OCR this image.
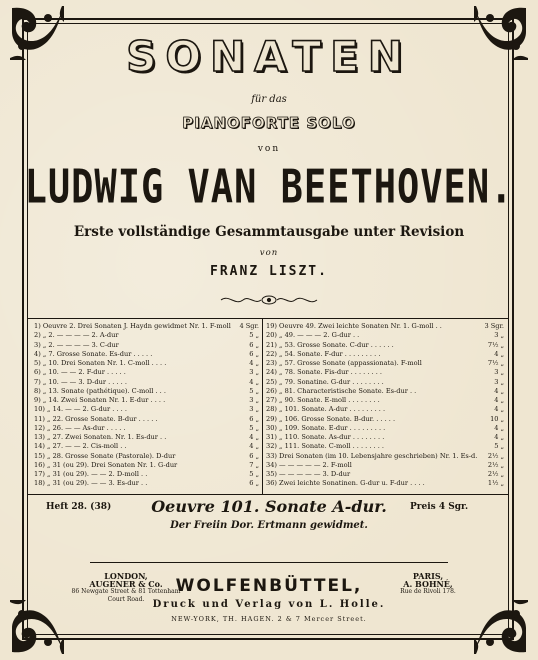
SONATEN
für das
PIANOFORTE SOLO
von
LUDWIG VAN BEETHOVEN.
Erste vollständige Gesammtausgabe unter Revision
von
FRANZ LISZT.
1) Oeuvre 2. Drei Sonaten J. Haydn gewidmet Nr. 1. F-moll	4 Sgr.
2) „ 2. — — — — 2. A-dur	5 „
3) „ 2. — — — — 3. C-dur	6 „
4) „ 7. Grosse Sonate. Es-dur . . . . .	6 „
5) „ 10. Drei Sonaten Nr. 1. C-moll . . . .	4 „
6) „ 10. — — 2. F-dur . . . . .	3 „
7) „ 10. — — 3. D-dur . . . . .	4 „
8) „ 13. Sonate (pathétique). C-moll . . .	5 „
9) „ 14. Zwei Sonaten Nr. 1. E-dur . . . .	3 „
10) „ 14. — — 2. G-dur . . . .	3 „
11) „ 22. Grosse Sonate. B-dur . . . . .	6 „
12) „ 26. — — As-dur . . . . .	5 „
13) „ 27. Zwei Sonaten. Nr. 1. Es-dur . .	4 „
14) „ 27. — — 2. Cis-moll . .	4 „
15) „ 28. Grosse Sonate (Pastorale). D-dur	6 „
16) „ 31 (ou 29). Drei Sonaten Nr. 1. G-dur	7 „
17) „ 31 (ou 29). — — 2. D-moll . .	5 „
18) „ 31 (ou 29). — — 3. Es-dur . .	6 „
19) Oeuvre 49. Zwei leichte Sonaten Nr. 1. G-moll . .	3 Sgr.
20) „ 49. — — — 2. G-dur . .	3 „
21) „ 53. Grosse Sonate. C-dur . . . . . .	7½ „
22) „ 54. Sonate. F-dur . . . . . . . . .	4 „
23) „ 57. Grosse Sonate (appassionata). F-moll	7½ „
24) „ 78. Sonate. Fis-dur . . . . . . . .	3 „
25) „ 79. Sonatine. G-dur . . . . . . . .	3 „
26) „ 81. Characteristische Sonate. Es-dur . .	4 „
27) „ 90. Sonate. E-moll . . . . . . . .	4 „
28) „ 101. Sonate. A-dur . . . . . . . . .	4 „
29) „ 106. Grosse Sonate. B-dur. . . . . .	10 „
30) „ 109. Sonate. E-dur . . . . . . . . .	4 „
31) „ 110. Sonate. As-dur . . . . . . . .	4 „
32) „ 111. Sonate. C-moll . . . . . . . .	5 „
33) Drei Sonaten (im 10. Lebensjahre geschrieben) Nr. 1. Es-d.	2½ „
34) — — — — — 2. F-moll	2½ „
35) — — — — — 3. D-dur	2½ „
36) Zwei leichte Sonatinen. G-dur u. F-dur . . . .	1½ „
Heft 28. (38)	Oeuvre 101. Sonate A-dur.	Preis 4 Sgr.
Der Freiin Dor. Ertmann gewidmet.
LONDON,
AUGENER & Co.
86 Newgate Street & 81 Tottenham Court Road.
WOLFENBÜTTEL,
Druck und Verlag von L. Holle.
NEW-YORK, TH. HAGEN. 2 & 7 Mercer Street.
PARIS,
A. BOHNÉ,
Rue de Rivoli 178.
